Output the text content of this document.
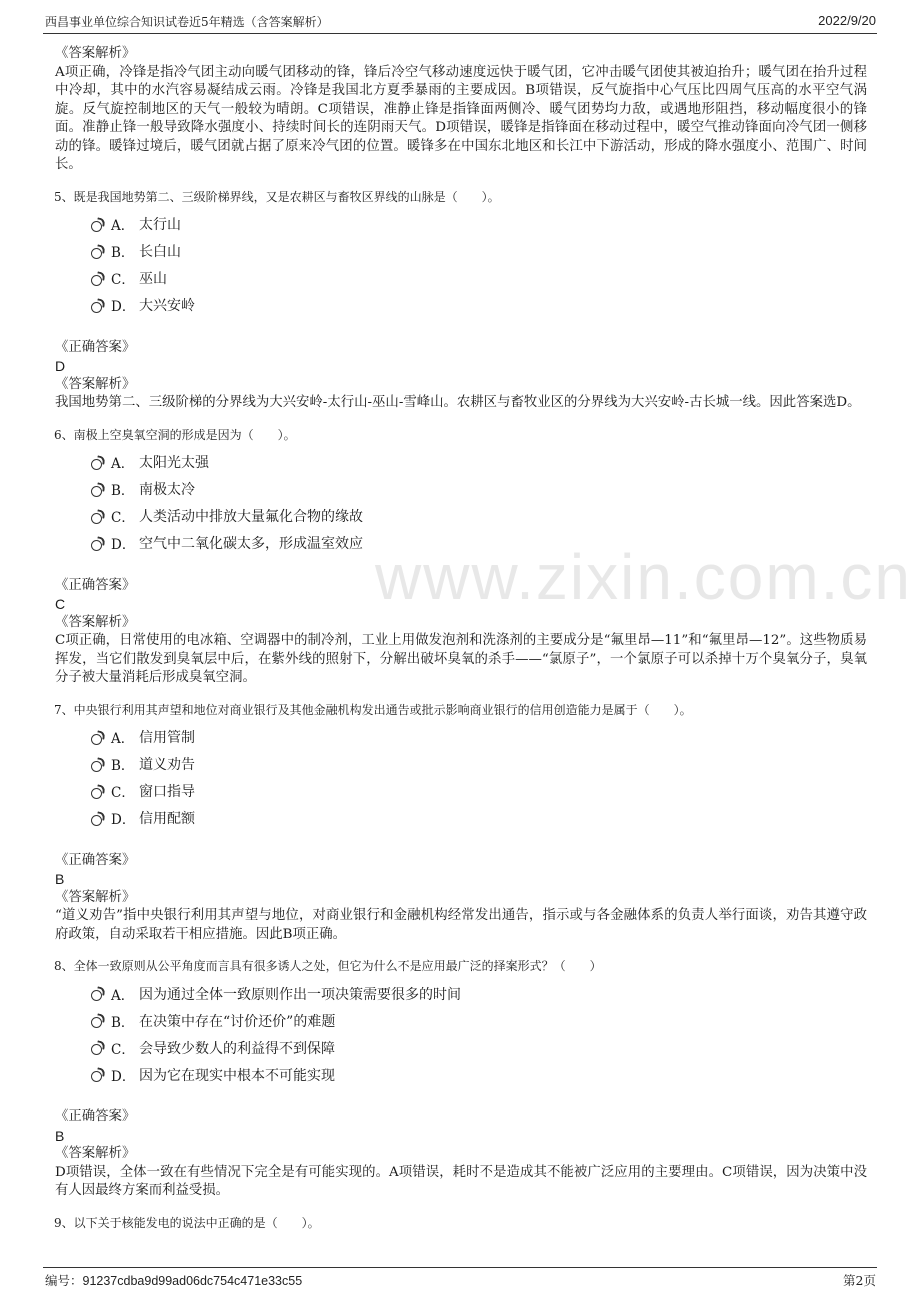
西昌事业单位综合知识试卷近5年精选（含答案解析）	2022/9/20
www.zixin.com.cn

《答案解析》

A项正确，冷锋是指冷气团主动向暖气团移动的锋，锋后冷空气移动速度远快于暖气团，它冲击暖气团使其被迫抬升；暖气团在抬升过程中冷却，其中的水汽容易凝结成云雨。冷锋是我国北方夏季暴雨的主要成因。B项错误，反气旋指中心气压比四周气压高的水平空气涡旋。反气旋控制地区的天气一般较为晴朗。C项错误，准静止锋是指锋面两侧冷、暖气团势均力敌，或遇地形阻挡，移动幅度很小的锋面。准静止锋一般导致降水强度小、持续时间长的连阴雨天气。D项错误，暖锋是指锋面在移动过程中，暖空气推动锋面向冷气团一侧移动的锋。暖锋过境后，暖气团就占据了原来冷气团的位置。暖锋多在中国东北地区和长江中下游活动，形成的降水强度小、范围广、时间长。

5、既是我国地势第二、三级阶梯界线，又是农耕区与畜牧区界线的山脉是（　　）。
A． 太行山
B． 长白山
C． 巫山
D． 大兴安岭

《正确答案》

D

《答案解析》

我国地势第二、三级阶梯的分界线为大兴安岭-太行山-巫山-雪峰山。农耕区与畜牧业区的分界线为大兴安岭-古长城一线。因此答案选D。

6、南极上空臭氧空洞的形成是因为（　　）。
A． 太阳光太强
B． 南极太冷
C． 人类活动中排放大量氟化合物的缘故
D． 空气中二氧化碳太多，形成温室效应

《正确答案》

C

《答案解析》

C项正确，日常使用的电冰箱、空调器中的制冷剂，工业上用做发泡剂和洗涤剂的主要成分是“氟里昂—11”和“氟里昂—12”。这些物质易挥发，当它们散发到臭氧层中后，在紫外线的照射下，分解出破坏臭氧的杀手——“氯原子”，一个氯原子可以杀掉十万个臭氧分子，臭氧分子被大量消耗后形成臭氧空洞。

7、中央银行利用其声望和地位对商业银行及其他金融机构发出通告或批示影响商业银行的信用创造能力是属于（　　）。
A． 信用管制
B． 道义劝告
C． 窗口指导
D． 信用配额

《正确答案》

B

《答案解析》

“道义劝告”指中央银行利用其声望与地位，对商业银行和金融机构经常发出通告，指示或与各金融体系的负责人举行面谈，劝告其遵守政府政策，自动采取若干相应措施。因此B项正确。

8、全体一致原则从公平角度而言具有很多诱人之处，但它为什么不是应用最广泛的择案形式？（　　）
A． 因为通过全体一致原则作出一项决策需要很多的时间
B． 在决策中存在“讨价还价”的难题
C． 会导致少数人的利益得不到保障
D． 因为它在现实中根本不可能实现

《正确答案》

B

《答案解析》

D项错误，全体一致在有些情况下完全是有可能实现的。A项错误，耗时不是造成其不能被广泛应用的主要理由。C项错误，因为决策中没有人因最终方案而利益受损。

9、以下关于核能发电的说法中正确的是（　　）。
编号：91237cdba9d99ad06dc754c471e33c55	第2页
